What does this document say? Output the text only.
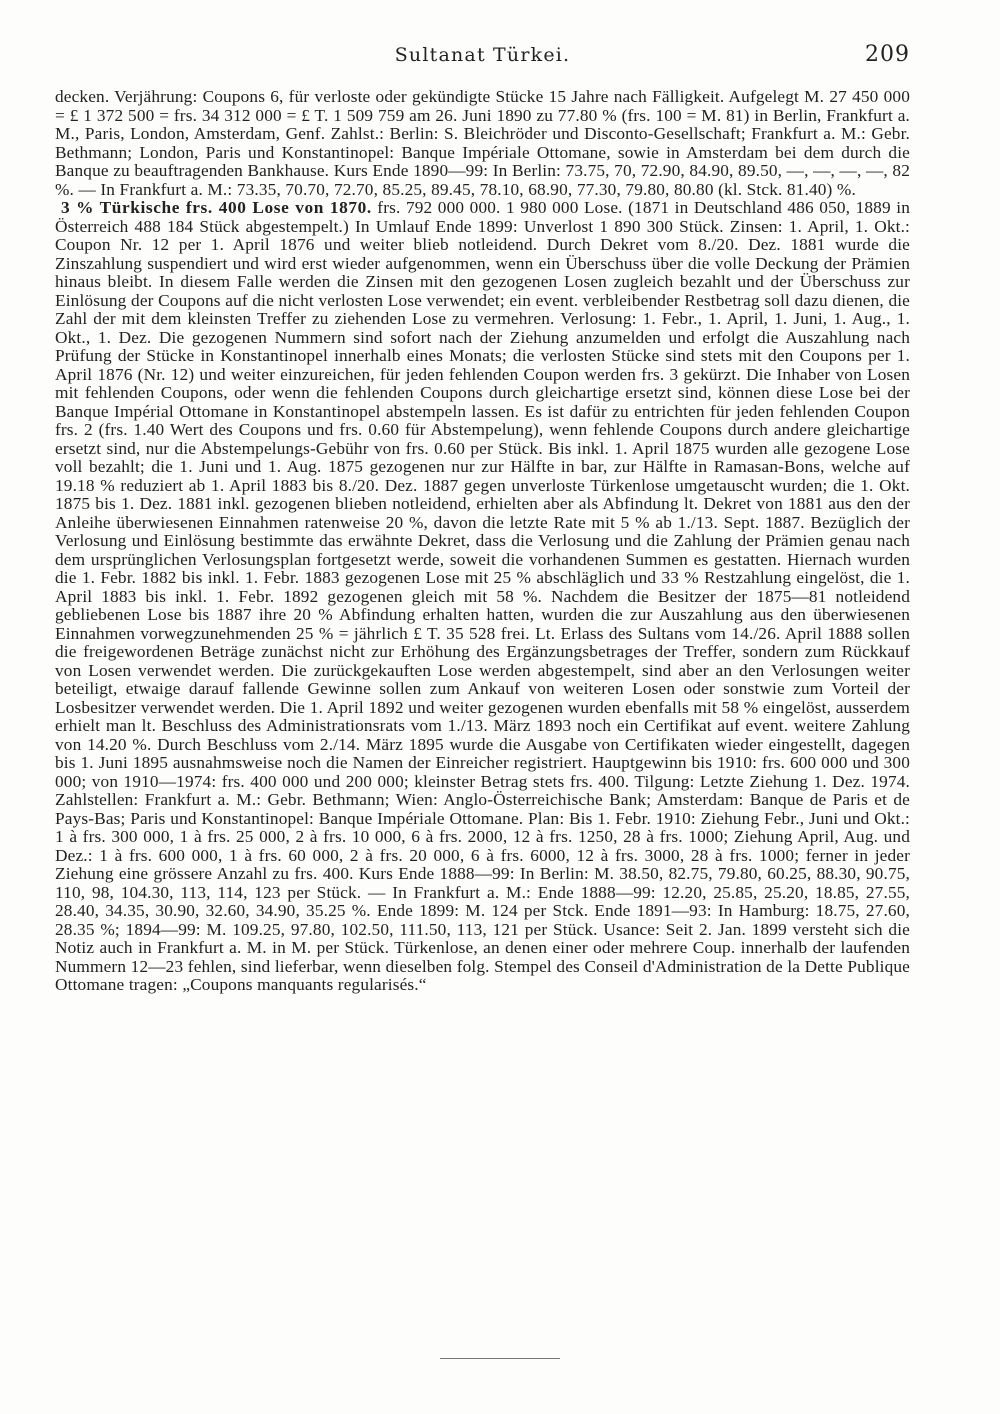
Sultanat Türkei.	209

decken. Verjährung: Coupons 6, für verloste oder gekündigte Stücke 15 Jahre nach Fälligkeit. Aufgelegt M. 27 450 000 = £ 1 372 500 = frs. 34 312 000 = £ T. 1 509 759 am 26. Juni 1890 zu 77.80 % (frs. 100 = M. 81) in Berlin, Frankfurt a. M., Paris, London, Amsterdam, Genf. Zahlst.: Berlin: S. Bleichröder und Disconto-Gesellschaft; Frankfurt a. M.: Gebr. Bethmann; London, Paris und Konstantinopel: Banque Impériale Ottomane, sowie in Amsterdam bei dem durch die Banque zu beauftragenden Bankhause. Kurs Ende 1890—99: In Berlin: 73.75, 70, 72.90, 84.90, 89.50, —, —, —, —, 82 %. — In Frankfurt a. M.: 73.35, 70.70, 72.70, 85.25, 89.45, 78.10, 68.90, 77.30, 79.80, 80.80 (kl. Stck. 81.40) %.

3 % Türkische frs. 400 Lose von 1870. frs. 792 000 000. 1 980 000 Lose. (1871 in Deutschland 486 050, 1889 in Österreich 488 184 Stück abgestempelt.) In Umlauf Ende 1899: Unverlost 1 890 300 Stück. Zinsen: 1. April, 1. Okt.: Coupon Nr. 12 per 1. April 1876 und weiter blieb notleidend. Durch Dekret vom 8./20. Dez. 1881 wurde die Zinszahlung suspendiert und wird erst wieder aufgenommen, wenn ein Überschuss über die volle Deckung der Prämien hinaus bleibt. In diesem Falle werden die Zinsen mit den gezogenen Losen zugleich bezahlt und der Überschuss zur Einlösung der Coupons auf die nicht verlosten Lose verwendet; ein event. verbleibender Restbetrag soll dazu dienen, die Zahl der mit dem kleinsten Treffer zu ziehenden Lose zu vermehren. Verlosung: 1. Febr., 1. April, 1. Juni, 1. Aug., 1. Okt., 1. Dez. Die gezogenen Nummern sind sofort nach der Ziehung anzumelden und erfolgt die Auszahlung nach Prüfung der Stücke in Konstantinopel innerhalb eines Monats; die verlosten Stücke sind stets mit den Coupons per 1. April 1876 (Nr. 12) und weiter einzureichen, für jeden fehlenden Coupon werden frs. 3 gekürzt. Die Inhaber von Losen mit fehlenden Coupons, oder wenn die fehlenden Coupons durch gleichartige ersetzt sind, können diese Lose bei der Banque Impérial Ottomane in Konstantinopel abstempeln lassen. Es ist dafür zu entrichten für jeden fehlenden Coupon frs. 2 (frs. 1.40 Wert des Coupons und frs. 0.60 für Abstempelung), wenn fehlende Coupons durch andere gleichartige ersetzt sind, nur die Abstempelungs-Gebühr von frs. 0.60 per Stück. Bis inkl. 1. April 1875 wurden alle gezogene Lose voll bezahlt; die 1. Juni und 1. Aug. 1875 gezogenen nur zur Hälfte in bar, zur Hälfte in Ramasan-Bons, welche auf 19.18 % reduziert ab 1. April 1883 bis 8./20. Dez. 1887 gegen unverloste Türkenlose umgetauscht wurden; die 1. Okt. 1875 bis 1. Dez. 1881 inkl. gezogenen blieben notleidend, erhielten aber als Abfindung lt. Dekret von 1881 aus den der Anleihe überwiesenen Einnahmen ratenweise 20 %, davon die letzte Rate mit 5 % ab 1./13. Sept. 1887. Bezüglich der Verlosung und Einlösung bestimmte das erwähnte Dekret, dass die Verlosung und die Zahlung der Prämien genau nach dem ursprünglichen Verlosungsplan fortgesetzt werde, soweit die vorhandenen Summen es gestatten. Hiernach wurden die 1. Febr. 1882 bis inkl. 1. Febr. 1883 gezogenen Lose mit 25 % abschläglich und 33 % Restzahlung eingelöst, die 1. April 1883 bis inkl. 1. Febr. 1892 gezogenen gleich mit 58 %. Nachdem die Besitzer der 1875—81 notleidend gebliebenen Lose bis 1887 ihre 20 % Abfindung erhalten hatten, wurden die zur Auszahlung aus den überwiesenen Einnahmen vorwegzunehmenden 25 % = jährlich £ T. 35 528 frei. Lt. Erlass des Sultans vom 14./26. April 1888 sollen die freigewordenen Beträge zunächst nicht zur Erhöhung des Ergänzungsbetrages der Treffer, sondern zum Rückkauf von Losen verwendet werden. Die zurückgekauften Lose werden abgestempelt, sind aber an den Verlosungen weiter beteiligt, etwaige darauf fallende Gewinne sollen zum Ankauf von weiteren Losen oder sonstwie zum Vorteil der Losbesitzer verwendet werden. Die 1. April 1892 und weiter gezogenen wurden ebenfalls mit 58 % eingelöst, ausserdem erhielt man lt. Beschluss des Administrationsrats vom 1./13. März 1893 noch ein Certifikat auf event. weitere Zahlung von 14.20 %. Durch Beschluss vom 2./14. März 1895 wurde die Ausgabe von Certifikaten wieder eingestellt, dagegen bis 1. Juni 1895 ausnahmsweise noch die Namen der Einreicher registriert. Hauptgewinn bis 1910: frs. 600 000 und 300 000; von 1910—1974: frs. 400 000 und 200 000; kleinster Betrag stets frs. 400. Tilgung: Letzte Ziehung 1. Dez. 1974. Zahlstellen: Frankfurt a. M.: Gebr. Bethmann; Wien: Anglo-Österreichische Bank; Amsterdam: Banque de Paris et de Pays-Bas; Paris und Konstantinopel: Banque Impériale Ottomane. Plan: Bis 1. Febr. 1910: Ziehung Febr., Juni und Okt.: 1 à frs. 300 000, 1 à frs. 25 000, 2 à frs. 10 000, 6 à frs. 2000, 12 à frs. 1250, 28 à frs. 1000; Ziehung April, Aug. und Dez.: 1 à frs. 600 000, 1 à frs. 60 000, 2 à frs. 20 000, 6 à frs. 6000, 12 à frs. 3000, 28 à frs. 1000; ferner in jeder Ziehung eine grössere Anzahl zu frs. 400. Kurs Ende 1888—99: In Berlin: M. 38.50, 82.75, 79.80, 60.25, 88.30, 90.75, 110, 98, 104.30, 113, 114, 123 per Stück. — In Frankfurt a. M.: Ende 1888—99: 12.20, 25.85, 25.20, 18.85, 27.55, 28.40, 34.35, 30.90, 32.60, 34.90, 35.25 %. Ende 1899: M. 124 per Stck. Ende 1891—93: In Hamburg: 18.75, 27.60, 28.35 %; 1894—99: M. 109.25, 97.80, 102.50, 111.50, 113, 121 per Stück. Usance: Seit 2. Jan. 1899 versteht sich die Notiz auch in Frankfurt a. M. in M. per Stück. Türkenlose, an denen einer oder mehrere Coup. innerhalb der laufenden Nummern 12—23 fehlen, sind lieferbar, wenn dieselben folg. Stempel des Conseil d'Administration de la Dette Publique Ottomane tragen: „Coupons manquants regularisés.“
